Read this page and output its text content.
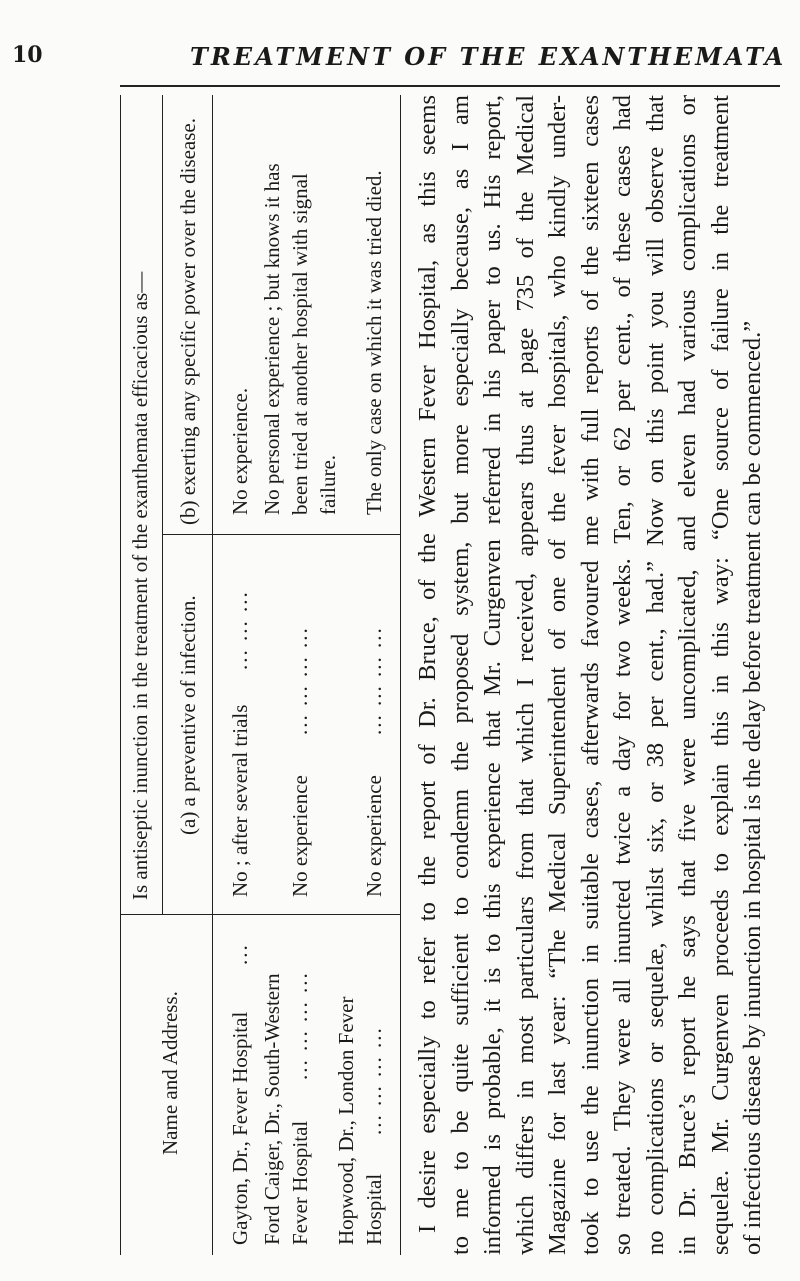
10	TREATMENT OF THE EXANTHEMATA
Name and Address.
Is antiseptic inunction in the treatment of the exanthemata efficacious as— (a) a preventive of infection.
(b) exerting any specific power over the disease.
Gayton, Dr., Fever Hospital
...
No ; after several trials
... ... ...
No experience.
Ford Caiger, Dr., South-Western
Fever Hospital
... ... ... ...
No experience
... ... ... ...
No personal experience ; but knows it has
been tried at another hospital with signal
failure.
Hopwood, Dr., London Fever
Hospital
... ... ... ...
No experience
... ... ... ...
The only case on which it was tried died. I desire especially to refer to the report of Dr. Bruce, of the Western Fever Hospital, as this seems to me to be quite sufficient to condemn the proposed system, but more especially because, as I am informed is probable, it is to this experience that Mr. Curgenven referred in his paper to us. His report, which differs in most particulars from that which I received, appears thus at page 735 of the Medical Magazine for last year: “The Medical Superintendent of one of the fever hospitals, who kindly under- took to use the inunction in suitable cases, afterwards favoured me with full reports of the sixteen cases so treated. They were all inuncted twice a day for two weeks. Ten, or 62 per cent., of these cases had no complications or sequelæ, whilst six, or 38 per cent., had.” Now on this point you will observe that in Dr. Bruce’s report he says that five were uncomplicated, and eleven had various complications or sequelæ. Mr. Curgenven proceeds to explain this in this way: “One source of failure in the treatment of infectious disease by inunction in hospital is the delay before treatment can be commenced.”
